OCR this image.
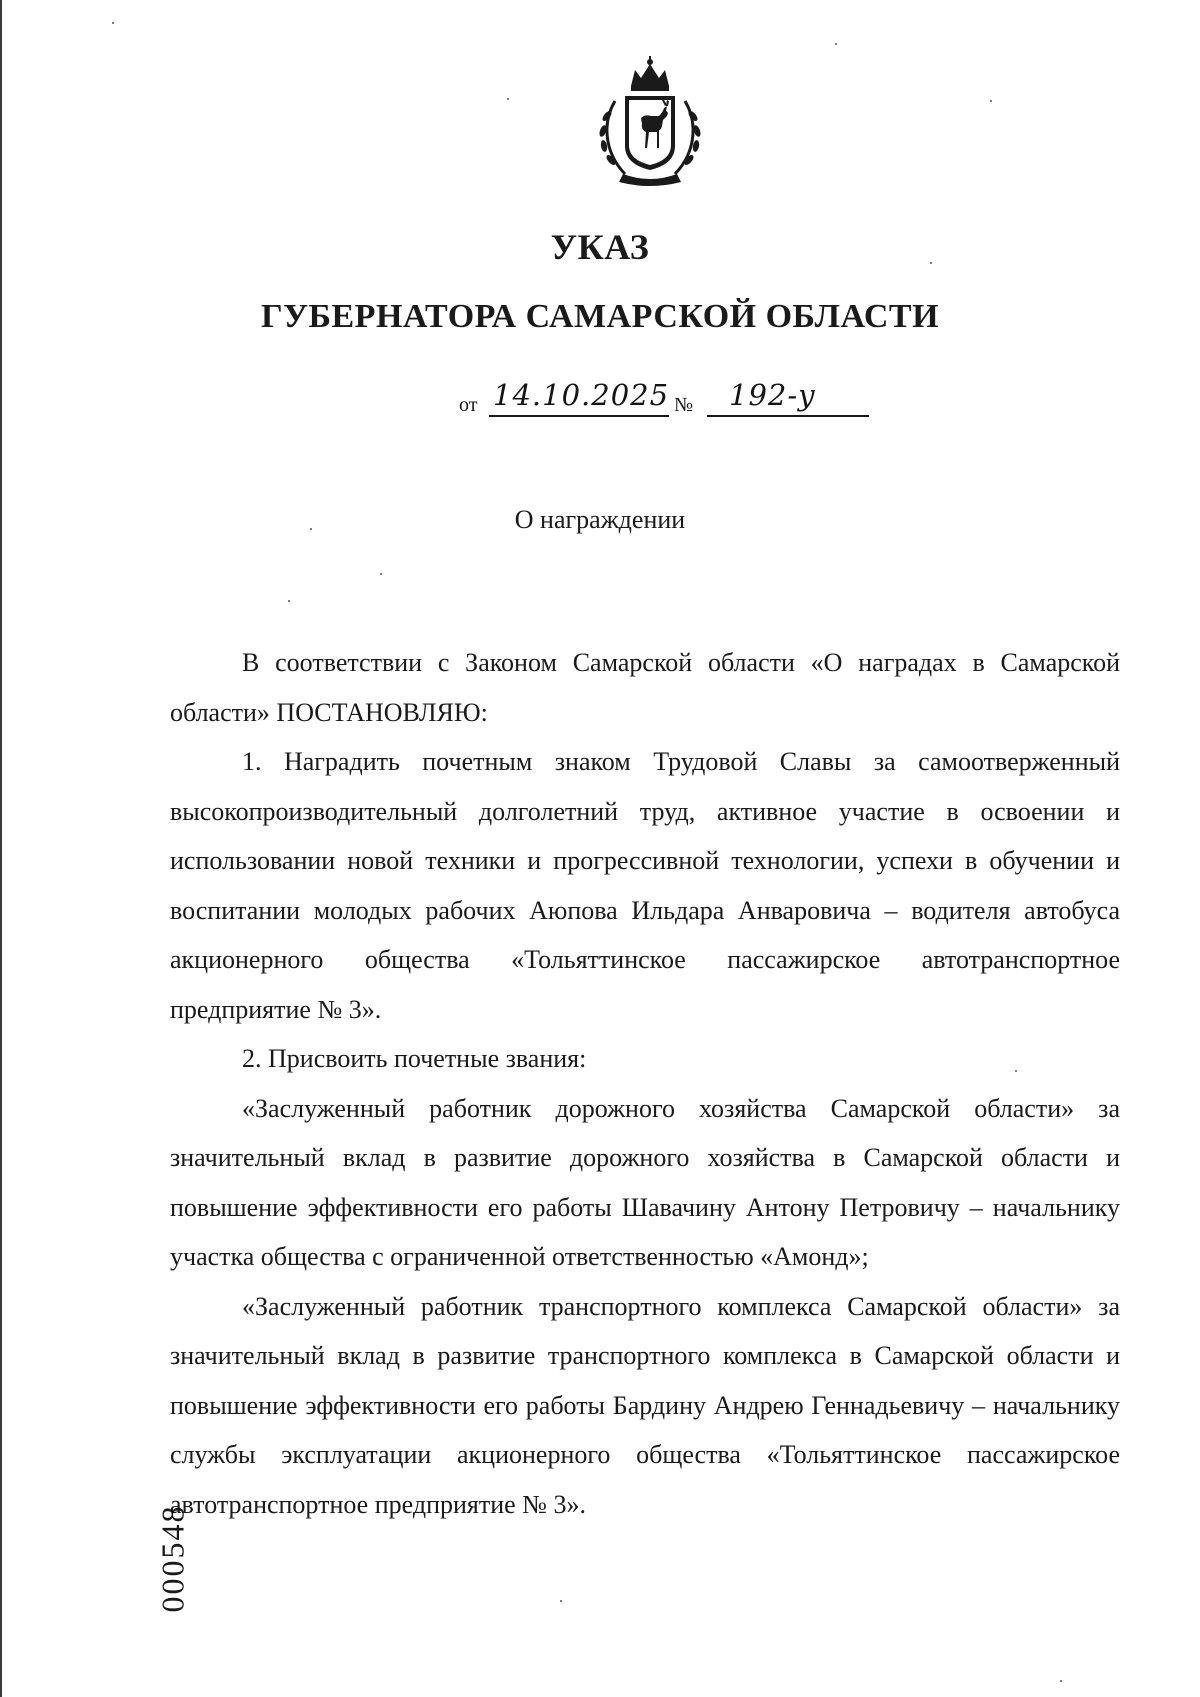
УКАЗ
ГУБЕРНАТОРА САМАРСКОЙ ОБЛАСТИ
от 14.10.2025 № 192-у
О награждении

В соответствии с Законом Самарской области «О наградах в Самарской области» ПОСТАНОВЛЯЮ:

1. Наградить почетным знаком Трудовой Славы за самоотверженный высокопроизводительный долголетний труд, активное участие в освоении и использовании новой техники и прогрессивной технологии, успехи в обучении и воспитании молодых рабочих Аюпова Ильдара Анваровича – водителя автобуса акционерного общества «Тольяттинское пассажирское автотранспортное предприятие № 3».

2. Присвоить почетные звания:

«Заслуженный работник дорожного хозяйства Самарской области» за значительный вклад в развитие дорожного хозяйства в Самарской области и повышение эффективности его работы Шавачину Антону Петровичу – начальнику участка общества с ограниченной ответственностью «Амонд»;

«Заслуженный работник транспортного комплекса Самарской области» за значительный вклад в развитие транспортного комплекса в Самарской области и повышение эффективности его работы Бардину Андрею Геннадьевичу – начальнику службы эксплуатации акционерного общества «Тольяттинское пассажирское автотранспортное предприятие № 3».

000548
